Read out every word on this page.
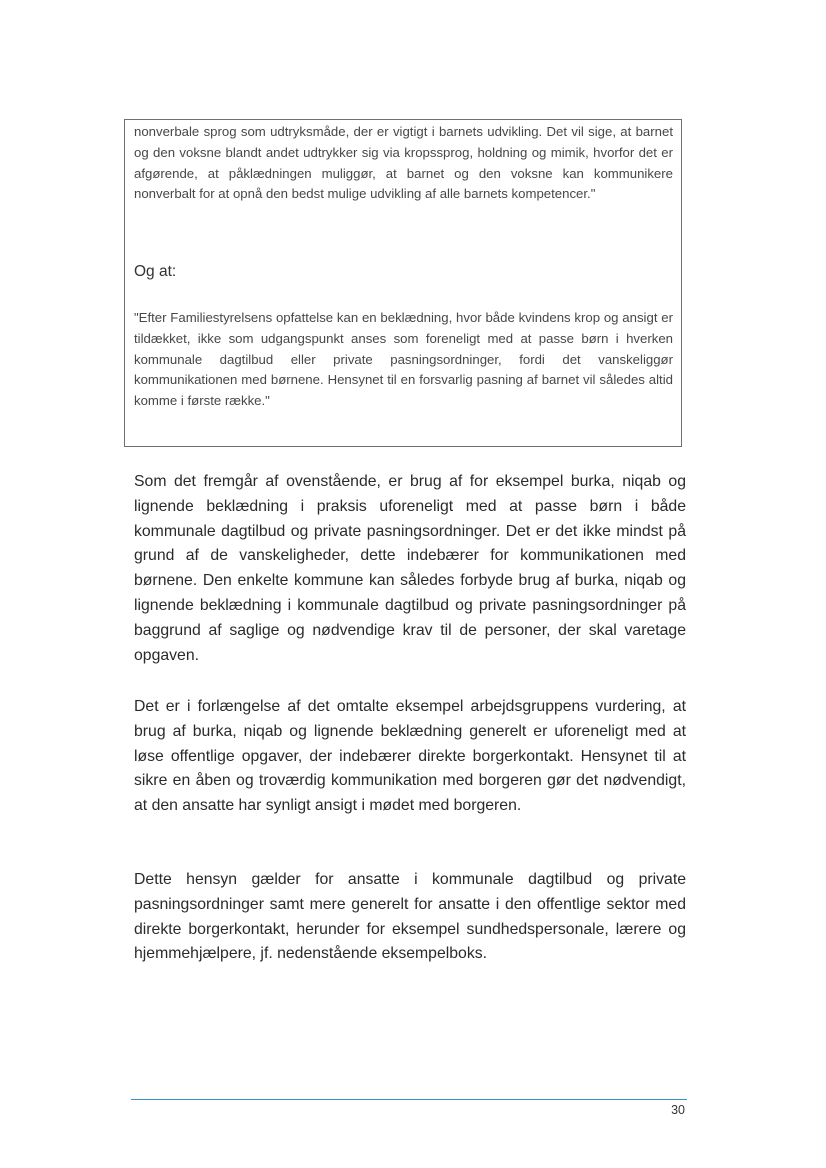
nonverbale sprog som udtryksmåde, der er vigtigt i barnets udvikling. Det vil sige, at barnet og den voksne blandt andet udtrykker sig via kropssprog, holdning og mimik, hvorfor det er afgørende, at påklædningen muliggør, at barnet og den voksne kan kommunikere nonverbalt for at opnå den bedst mulige udvikling af alle barnets kompetencer."

Og at:

"Efter Familiestyrelsens opfattelse kan en beklædning, hvor både kvindens krop og ansigt er tildækket, ikke som udgangspunkt anses som foreneligt med at passe børn i hverken kommunale dagtilbud eller private pasningsordninger, fordi det vanskeliggør kommunikationen med børnene. Hensynet til en forsvarlig pasning af barnet vil således altid komme i første række."

Som det fremgår af ovenstående, er brug af for eksempel burka, niqab og lignende beklædning i praksis uforeneligt med at passe børn i både kommunale dagtilbud og private pasningsordninger. Det er det ikke mindst på grund af de vanskeligheder, dette indebærer for kommunikationen med børnene. Den enkelte kommune kan således forbyde brug af burka, niqab og lignende beklædning i kommunale dagtilbud og private pasningsordninger på baggrund af saglige og nødvendige krav til de personer, der skal varetage opgaven.

Det er i forlængelse af det omtalte eksempel arbejdsgruppens vurdering, at brug af burka, niqab og lignende beklædning generelt er uforeneligt med at løse offentlige opgaver, der indebærer direkte borgerkontakt. Hensynet til at sikre en åben og troværdig kommunikation med borgeren gør det nødvendigt, at den ansatte har synligt ansigt i mødet med borgeren.

Dette hensyn gælder for ansatte i kommunale dagtilbud og private pasningsordninger samt mere generelt for ansatte i den offentlige sektor med direkte borgerkontakt, herunder for eksempel sundhedspersonale, lærere og hjemmehjælpere, jf. nedenstående eksempelboks.

30
